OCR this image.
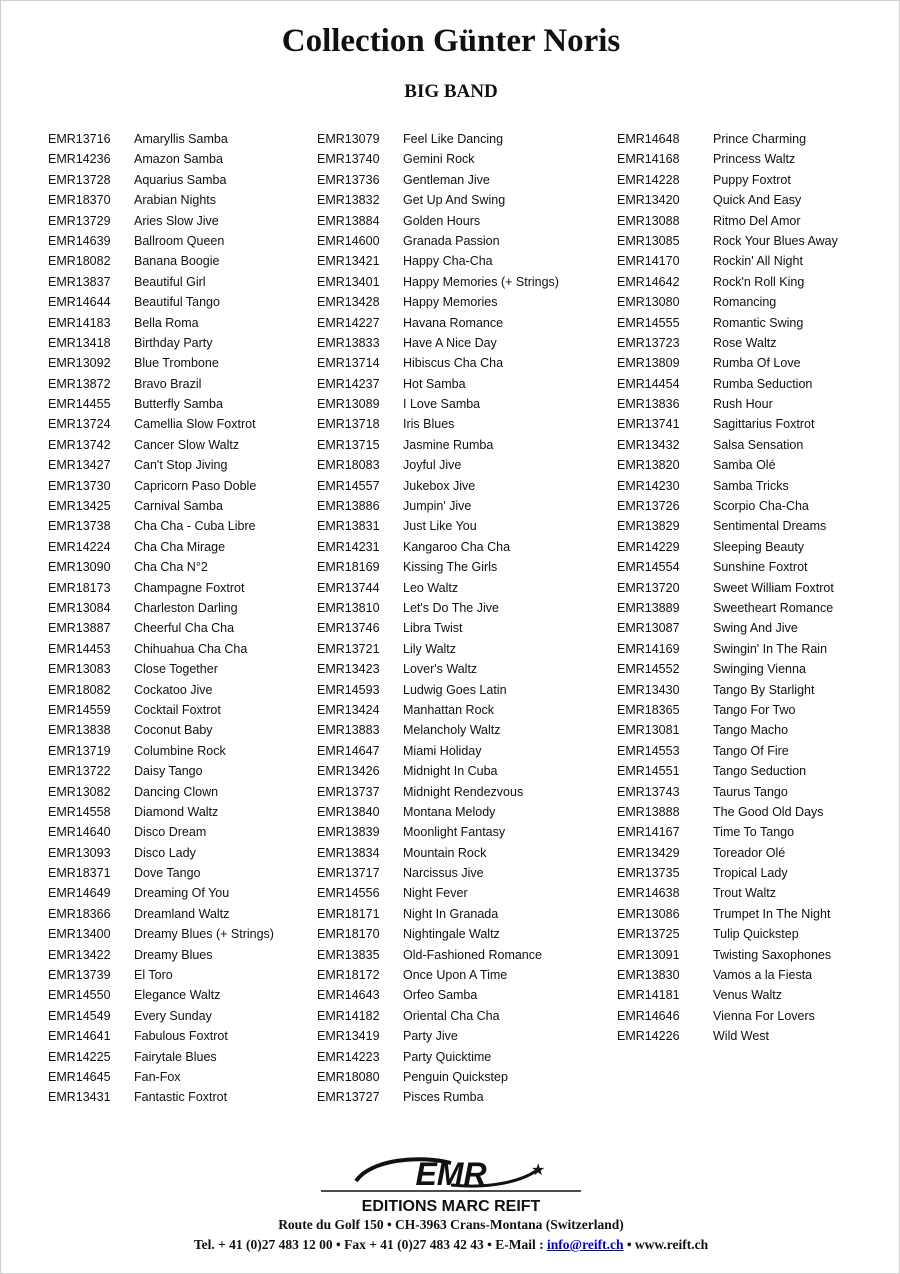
Collection Günter Noris
BIG BAND
EMR13716	Amaryllis Samba
EMR14236	Amazon Samba
EMR13728	Aquarius Samba
EMR18370	Arabian Nights
EMR13729	Aries Slow Jive
EMR14639	Ballroom Queen
EMR18082	Banana Boogie
EMR13837	Beautiful Girl
EMR14644	Beautiful Tango
EMR14183	Bella Roma
EMR13418	Birthday Party
EMR13092	Blue Trombone
EMR13872	Bravo Brazil
EMR14455	Butterfly Samba
EMR13724	Camellia Slow Foxtrot
EMR13742	Cancer Slow Waltz
EMR13427	Can't Stop Jiving
EMR13730	Capricorn Paso Doble
EMR13425	Carnival Samba
EMR13738	Cha Cha - Cuba Libre
EMR14224	Cha Cha Mirage
EMR13090	Cha Cha N°2
EMR18173	Champagne Foxtrot
EMR13084	Charleston Darling
EMR13887	Cheerful Cha Cha
EMR14453	Chihuahua Cha Cha
EMR13083	Close Together
EMR18082	Cockatoo Jive
EMR14559	Cocktail Foxtrot
EMR13838	Coconut Baby
EMR13719	Columbine Rock
EMR13722	Daisy Tango
EMR13082	Dancing Clown
EMR14558	Diamond Waltz
EMR14640	Disco Dream
EMR13093	Disco Lady
EMR18371	Dove Tango
EMR14649	Dreaming Of You
EMR18366	Dreamland Waltz
EMR13400	Dreamy Blues (+ Strings)
EMR13422	Dreamy Blues
EMR13739	El Toro
EMR14550	Elegance Waltz
EMR14549	Every Sunday
EMR14641	Fabulous Foxtrot
EMR14225	Fairytale Blues
EMR14645	Fan-Fox
EMR13431	Fantastic Foxtrot
EMR13079	Feel Like Dancing
EMR13740	Gemini Rock
EMR13736	Gentleman Jive
EMR13832	Get Up And Swing
EMR13884	Golden Hours
EMR14600	Granada Passion
EMR13421	Happy Cha-Cha
EMR13401	Happy Memories (+ Strings)
EMR13428	Happy Memories
EMR14227	Havana Romance
EMR13833	Have A Nice Day
EMR13714	Hibiscus Cha Cha
EMR14237	Hot Samba
EMR13089	I Love Samba
EMR13718	Iris Blues
EMR13715	Jasmine Rumba
EMR18083	Joyful Jive
EMR14557	Jukebox Jive
EMR13886	Jumpin' Jive
EMR13831	Just Like You
EMR14231	Kangaroo Cha Cha
EMR18169	Kissing The Girls
EMR13744	Leo Waltz
EMR13810	Let's Do The Jive
EMR13746	Libra Twist
EMR13721	Lily Waltz
EMR13423	Lover's Waltz
EMR14593	Ludwig Goes Latin
EMR13424	Manhattan Rock
EMR13883	Melancholy Waltz
EMR14647	Miami Holiday
EMR13426	Midnight In Cuba
EMR13737	Midnight Rendezvous
EMR13840	Montana Melody
EMR13839	Moonlight Fantasy
EMR13834	Mountain Rock
EMR13717	Narcissus Jive
EMR14556	Night Fever
EMR18171	Night In Granada
EMR18170	Nightingale Waltz
EMR13835	Old-Fashioned Romance
EMR18172	Once Upon A Time
EMR14643	Orfeo Samba
EMR14182	Oriental Cha Cha
EMR13419	Party Jive
EMR14223	Party Quicktime
EMR18080	Penguin Quickstep
EMR13727	Pisces Rumba
EMR14648	Prince Charming
EMR14168	Princess Waltz
EMR14228	Puppy Foxtrot
EMR13420	Quick And Easy
EMR13088	Ritmo Del Amor
EMR13085	Rock Your Blues Away
EMR14170	Rockin' All Night
EMR14642	Rock'n Roll King
EMR13080	Romancing
EMR14555	Romantic Swing
EMR13723	Rose Waltz
EMR13809	Rumba Of Love
EMR14454	Rumba Seduction
EMR13836	Rush Hour
EMR13741	Sagittarius Foxtrot
EMR13432	Salsa Sensation
EMR13820	Samba Olé
EMR14230	Samba Tricks
EMR13726	Scorpio Cha-Cha
EMR13829	Sentimental Dreams
EMR14229	Sleeping Beauty
EMR14554	Sunshine Foxtrot
EMR13720	Sweet William Foxtrot
EMR13889	Sweetheart Romance
EMR13087	Swing And Jive
EMR14169	Swingin' In The Rain
EMR14552	Swinging Vienna
EMR13430	Tango By Starlight
EMR18365	Tango For Two
EMR13081	Tango Macho
EMR14553	Tango Of Fire
EMR14551	Tango Seduction
EMR13743	Taurus Tango
EMR13888	The Good Old Days
EMR14167	Time To Tango
EMR13429	Toreador Olé
EMR13735	Tropical Lady
EMR14638	Trout Waltz
EMR13086	Trumpet In The Night
EMR13725	Tulip Quickstep
EMR13091	Twisting Saxophones
EMR13830	Vamos a la Fiesta
EMR14181	Venus Waltz
EMR14646	Vienna For Lovers
EMR14226	Wild West
EMR	★
EDITIONS MARC REIFT
Route du Golf 150 • CH-3963 Crans-Montana (Switzerland)
Tel. + 41 (0)27 483 12 00 • Fax + 41 (0)27 483 42 43 • E-Mail : info@reift.ch • www.reift.ch
